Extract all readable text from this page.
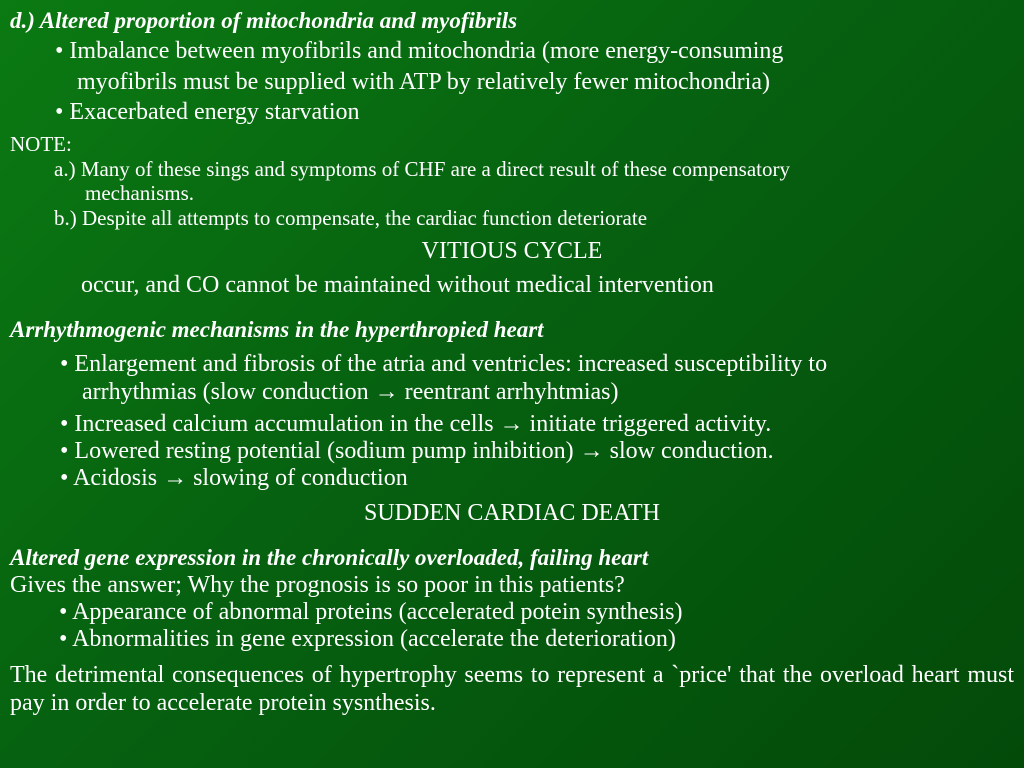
d.) Altered proportion of mitochondria and myofibrils
• Imbalance between myofibrils and mitochondria (more energy-consuming
myofibrils must be supplied with ATP by relatively fewer mitochondria)
• Exacerbated energy starvation
NOTE:
a.) Many of these sings and symptoms of CHF are a direct result of these compensatory
mechanisms.
b.) Despite all attempts to compensate, the cardiac function deteriorate
VITIOUS CYCLE
occur, and CO cannot be maintained without medical intervention
Arrhythmogenic mechanisms in the hyperthropied heart
• Enlargement and fibrosis of the atria and ventricles: increased susceptibility to
arrhythmias (slow conduction → reentrant arrhyhtmias)
• Increased calcium accumulation in the cells → initiate triggered activity.
• Lowered resting potential (sodium pump inhibition) → slow conduction.
• Acidosis → slowing of conduction
SUDDEN CARDIAC DEATH
Altered gene expression in the chronically overloaded, failing heart
Gives the answer; Why the prognosis is so poor in this patients?
• Appearance of abnormal proteins (accelerated potein synthesis)
• Abnormalities in gene expression (accelerate the deterioration)
The detrimental consequences of hypertrophy seems to represent a `price' that the overload heart must pay in order to accelerate protein sysnthesis.
